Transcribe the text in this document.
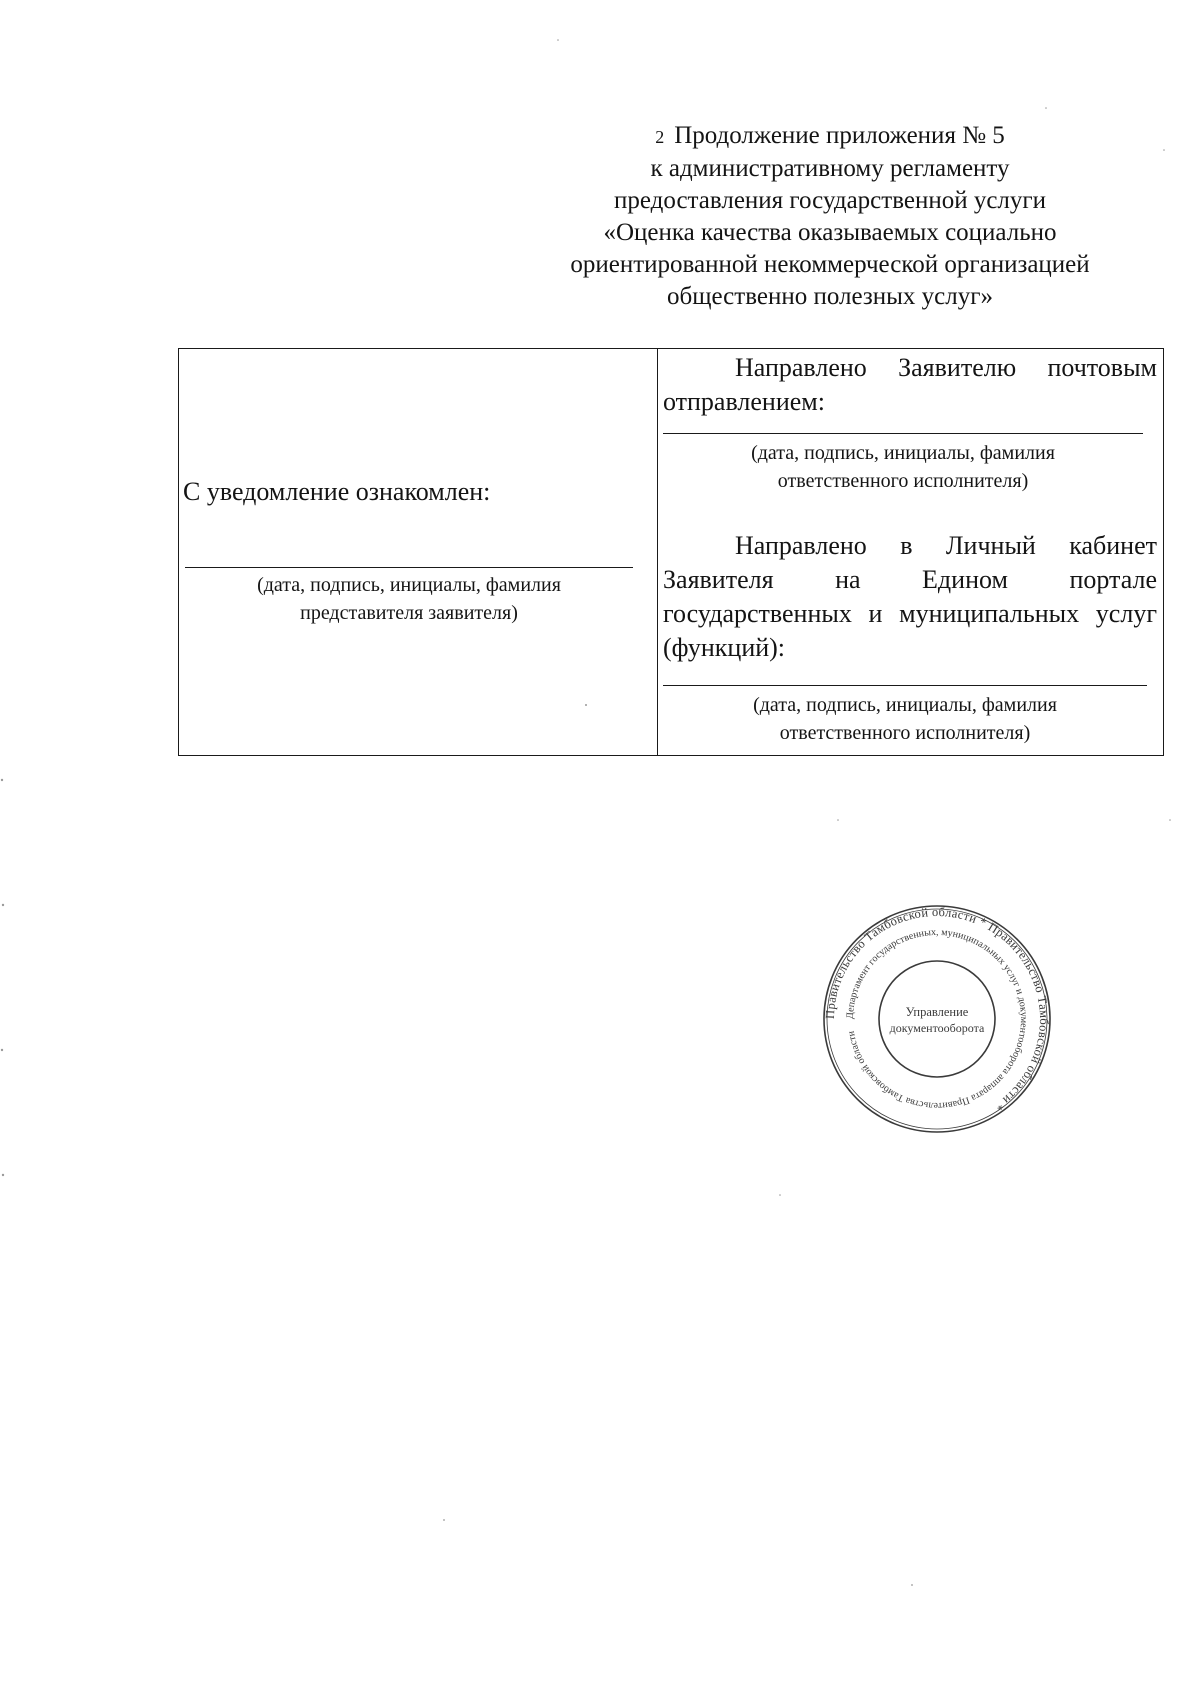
2 Продолжение приложения № 5
к административному регламенту
предоставления государственной услуги
«Оценка качества оказываемых социально
ориентированной некоммерческой организацией
общественно полезных услуг»
С уведомление ознакомлен:
(дата, подпись, инициалы, фамилия
представителя заявителя)
Направлено Заявителю почтовым отправлением:
(дата, подпись, инициалы, фамилия
ответственного исполнителя)
Направлено в Личный кабинет Заявителя на Едином портале государственных и муниципальных услуг (функций):
(дата, подпись, инициалы, фамилия
ответственного исполнителя)
Правительство Тамбовской области * Правительство Тамбовской области *
Департамент государственных, муниципальных услуг и документооборота аппарата Правительства Тамбовской области
Управление
документооборота
